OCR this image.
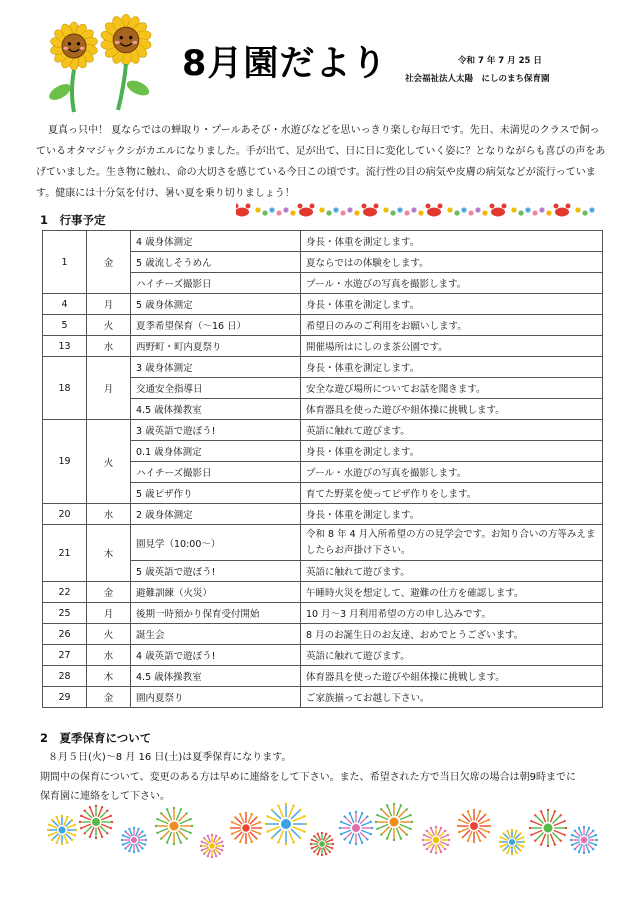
8月園だより	令和 7 年 7 月 25 日
社会福祉法人太陽　にしのまち保育園
夏真っ只中！ 夏ならではの蝉取り・プールあそび・水遊びなどを思いっきり楽しむ毎日です。先日、未満児のクラスで飼っているオタマジャクシがカエルになりました。手が出て、足が出て、日に日に変化していく姿に？となりながらも喜びの声をあげていました。生き物に触れ、命の大切さを感じている今日この頃です。流行性の目の病気や皮膚の病気などが流行っています。健康には十分気を付け、暑い夏を乗り切りましょう！
1　行事予定
1	金	4 歳身体測定	身長・体重を測定します。
		5 歳流しそうめん	夏ならではの体験をします。
		ハイチーズ撮影日	プール・水遊びの写真を撮影します。
4	月	5 歳身体測定	身長・体重を測定します。
5	火	夏季希望保育（～16 日）	希望日のみのご利用をお願いします。
13	水	西野町・町内夏祭り	開催場所はにしのま茶公園です。
18	月	3 歳身体測定	身長・体重を測定します。
		交通安全指導日	安全な遊び場所についてお話を聞きます。
		4.5 歳体操教室	体育器具を使った遊びや組体操に挑戦します。
19	火	3 歳英語で遊ぼう!	英語に触れて遊びます。
		0.1 歳身体測定	身長・体重を測定します。
		ハイチーズ撮影日	プール・水遊びの写真を撮影します。
		5 歳ピザ作り	育てた野菜を使ってピザ作りをします。
20	水	2 歳身体測定	身長・体重を測定します。
21	木	園見学（10:00～）	令和 8 年 4 月入所希望の方の見学会です。お知り合いの方等みえましたらお声掛け下さい。
		5 歳英語で遊ぼう!	英語に触れて遊びます。
22	金	避難訓練（火災）	午睡時火災を想定して、避難の仕方を確認します。
25	月	後期一時預かり保育受付開始	10 月～3 月利用希望の方の申し込みです。
26	火	誕生会	8 月のお誕生日のお友達、おめでとうございます。
27	水	4 歳英語で遊ぼう!	英語に触れて遊びます。
28	木	4.5 歳体操教室	体育器具を使った遊びや組体操に挑戦します。
29	金	園内夏祭り	ご家族揃ってお越し下さい。
2　夏季保育について
８月５日(火)～8 月 16 日(土)は夏季保育になります。
期間中の保育について、変更のある方は早めに連絡をして下さい。また、希望された方で当日欠席の場合は朝9時までに
保育園に連絡をして下さい。
